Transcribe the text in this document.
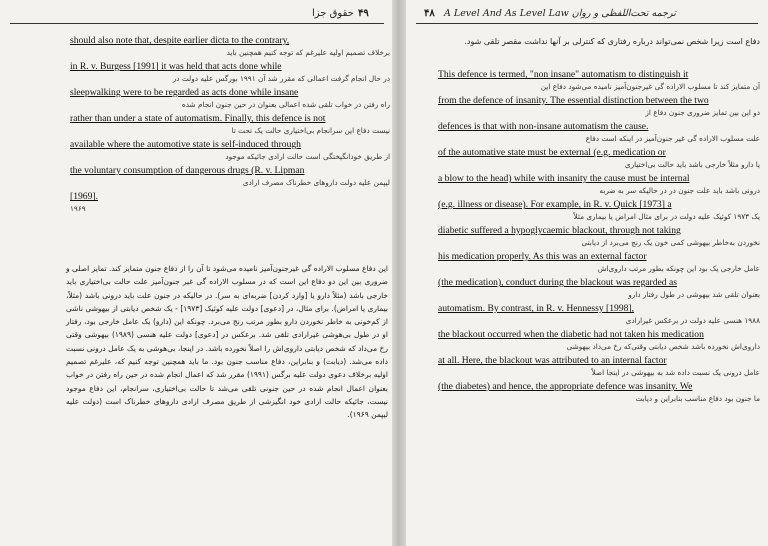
حقوق جزا ۴۹
should also note that, despite earlier dicta to the contrary,
برخلاف تصمیم اولیه علیرغم که توجه کنیم همچنین باید
in R. v. Burgess [1991] it was held that acts done while
در حال انجام گرفت اعمالی که مقرر شد آن ۱۹۹۱ بورگس علیه دولت در
sleepwalking were to be regarded as acts done while insane
راه رفتن در خواب تلقی شده اعمالی بعنوان در حین جنون انجام شده
rather than under a state of automatism. Finally, this defence is not
نیست دفاع این سرانجام بی‌اختیاری حالت یک تحت تا
available where the automotive state is self-induced through
از طریق خودانگیختگی است حالت ارادی جائیکه موجود
the voluntary consumption of dangerous drugs (R. v. Lipman
لیپمن علیه دولت داروهای خطرناک مصرف ارادی
[1969].
۱۹۶۹

این دفاع مسلوب الاراده گی غیرجنون‌آمیز نامیده می‌شود تا آن را از دفاع جنون متمایز کند. تمایز اصلی و ضروری بین این دو دفاع این است که در مسلوب الاراده گی غیر جنون‌آمیز علت حالت بی‌اختیاری باید خارجی باشد (مثلاً دارو یا [وارد کردن] ضربه‌ای به سر). در حالیکه در جنون علت باید درونی باشد (مثلاً، بیماری یا امراض). برای مثال، در [دعوی] دولت علیه کوئیک [۱۹۷۳] - یک شخص دیابتی از بیهوشی ناشی از کم‌خونی به خاطر نخوردن دارو بطور مرتب رنج می‌برد. چونکه این (دارو) یک عامل خارجی بود، رفتار او در طول بی‌هوشی غیرارادی تلقی شد. برعکس در [دعوی] دولت علیه هنسی (۱۹۸۹) بیهوشی وقتی رخ می‌داد که شخص دیابتی داروی‌اش را اصلاً نخورده باشد. در اینجا، بی‌هوشی به یک عامل درونی نسبت داده می‌شد. (دیابت) و بنابراین، دفاع مناسب جنون بود. ما باید همچنین توجه کنیم که، علیرغم تصمیم اولیه برخلاف دعوی دولت علیه برگس (۱۹۹۱) مقرر شد که اعمال انجام شده در حین راه رفتن در خواب بعنوان اعمال انجام شده در حین جنونی تلقی می‌شد تا حالت بی‌اختیاری، سرانجام، این دفاع موجود نیست، جائیکه حالت ارادی خود انگیزشی از طریق مصرف ارادی داروهای خطرناک است (دولت علیه لیپمن ۱۹۶۹).

۴۸ A Level And As Level Law ترجمه تحت‌اللفظی و روان
دفاع است زیرا شخص نمی‌تواند درباره رفتاری که کنترلی بر آنها نداشت مقصر تلقی شود.
This defence is termed, "non insane" automatism to distinguish it
آن متمایز کند تا مسلوب الاراده گی غیرجنون‌آمیز نامیده می‌شود دفاع این
from the defence of insanity. The essential distinction between the two
دو این بین تمایز ضروری جنون دفاع از
defences is that with non-insane automatism the cause.
علت مسلوب الاراده گی غیر جنون‌آمیز در اینکه است دفاع
of the automative state must be external (e.g. medication or
یا دارو مثلاً خارجی باشد باید حالت بی‌اختیاری
a blow to the head) while with insanity the cause must be internal
درونی باشد باید علت جنون در در حالیکه سر به ضربه
(e.g. illness or disease). For example, in R. v. Quick [1973] a
یک ۱۹۷۳ کوئیک علیه دولت در برای مثال امراض یا بیماری مثلاً
diabetic suffered a hypoglycaemic blackout, through not taking
نخوردن به‌خاطر بیهوشی کمی خون یک رنج می‌برد از دیابتی
his medication properly. As this was an external factor
عامل خارجی یک بود این چونکه بطور مرتب داروی‌اش
(the medication), conduct during the blackout was regarded as
بعنوان تلقی شد بیهوشی در طول رفتار دارو
automatism. By contrast, in R. v. Hennessy [1998],
۱۹۸۸ هنسی علیه دولت در برعکس غیرارادی
the blackout occurred when the diabetic had not taken his medication
داروی‌اش نخورده باشد شخص دیابتی وقتی‌که رخ می‌داد بیهوشی
at all. Here, the blackout was attributed to an internal factor
عامل درونی یک نسبت داده شد به بیهوشی در اینجا اصلاً
(the diabetes) and hence, the appropriate defence was insanity. We
ما جنون بود دفاع مناسب بنابراین و دیابت
